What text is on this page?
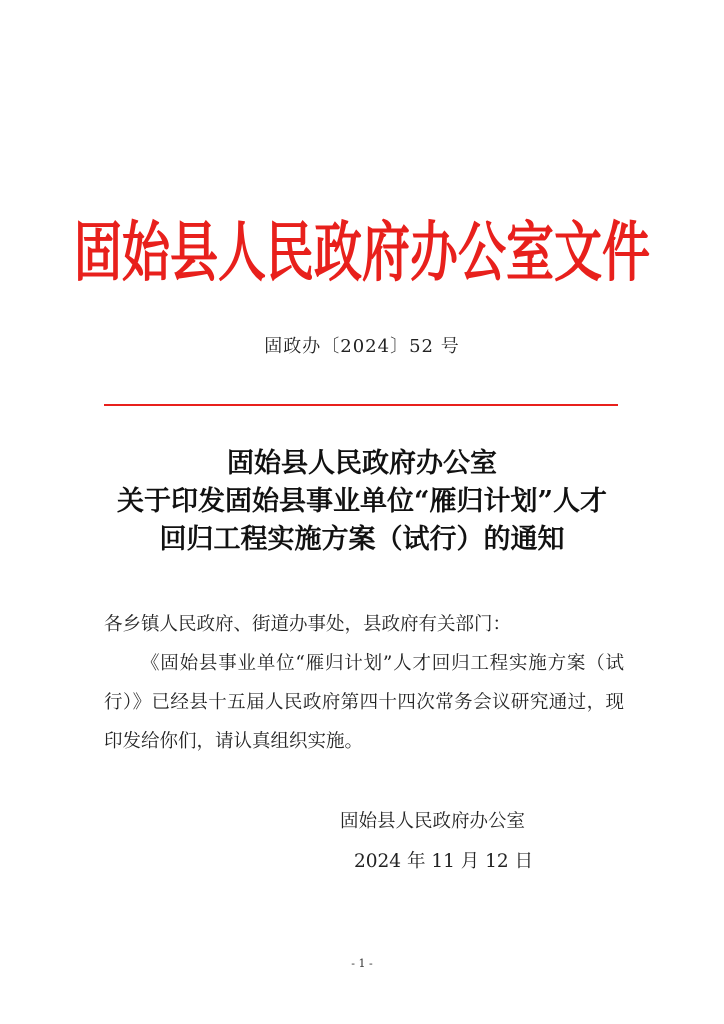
固始县人民政府办公室文件
固政办〔2024〕52 号
固始县人民政府办公室
关于印发固始县事业单位“雁归计划”人才
回归工程实施方案（试行）的通知

各乡镇人民政府、街道办事处，县政府有关部门：

《固始县事业单位“雁归计划”人才回归工程实施方案（试行）》已经县十五届人民政府第四十四次常务会议研究通过，现印发给你们，请认真组织实施。

固始县人民政府办公室
2024 年 11 月 12 日
- 1 -
